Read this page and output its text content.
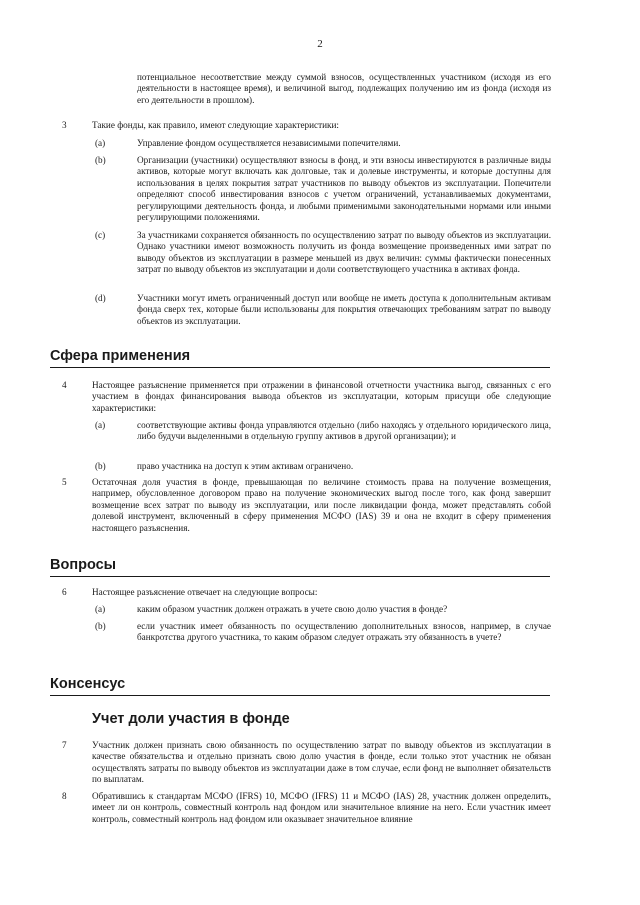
2

потенциальное несоответствие между суммой взносов, осуществленных участником (исходя из его деятельности в настоящее время), и величиной выгод, подлежащих получению им из фонда (исходя из его деятельности в прошлом).

3	Такие фонды, как правило, имеют следующие характеристики:

(a)	Управление фондом осуществляется независимыми попечителями.

(b)	Организации (участники) осуществляют взносы в фонд, и эти взносы инвестируются в различные виды активов, которые могут включать как долговые, так и долевые инструменты, и которые доступны для использования в целях покрытия затрат участников по выводу объектов из эксплуатации. Попечители определяют способ инвестирования взносов с учетом ограничений, устанавливаемых документами, регулирующими деятельность фонда, и любыми применимыми законодательными нормами или иными регулирующими положениями.

(c)	За участниками сохраняется обязанность по осуществлению затрат по выводу объектов из эксплуатации. Однако участники имеют возможность получить из фонда возмещение произведенных ими затрат по выводу объектов из эксплуатации в размере меньшей из двух величин: суммы фактически понесенных затрат по выводу объектов из эксплуатации и доли соответствующего участника в активах фонда.

(d)	Участники могут иметь ограниченный доступ или вообще не иметь доступа к дополнительным активам фонда сверх тех, которые были использованы для покрытия отвечающих требованиям затрат по выводу объектов из эксплуатации.

Сфера применения
4	Настоящее разъяснение применяется при отражении в финансовой отчетности участника выгод, связанных с его участием в фондах финансирования вывода объектов из эксплуатации, которым присущи обе следующие характеристики:

(a)	соответствующие активы фонда управляются отдельно (либо находясь у отдельного юридического лица, либо будучи выделенными в отдельную группу активов в другой организации); и

(b)	право участника на доступ к этим активам ограничено.

5	Остаточная доля участия в фонде, превышающая по величине стоимость права на получение возмещения, например, обусловленное договором право на получение экономических выгод после того, как фонд завершит возмещение всех затрат по выводу из эксплуатации, или после ликвидации фонда, может представлять собой долевой инструмент, включенный в сферу применения МСФО (IAS) 39 и она не входит в сферу применения настоящего разъяснения.

Вопросы
6	Настоящее разъяснение отвечает на следующие вопросы:

(a)	каким образом участник должен отражать в учете свою долю участия в фонде?

(b)	если участник имеет обязанность по осуществлению дополнительных взносов, например, в случае банкротства другого участника, то каким образом следует отражать эту обязанность в учете?

Консенсус
Учет доли участия в фонде
7	Участник должен признать свою обязанность по осуществлению затрат по выводу объектов из эксплуатации в качестве обязательства и отдельно признать свою долю участия в фонде, если только этот участник не обязан осуществлять затраты по выводу объектов из эксплуатации даже в том случае, если фонд не выполняет обязательств по выплатам.

8	Обратившись к стандартам МСФО (IFRS) 10, МСФО (IFRS) 11 и МСФО (IAS) 28, участник должен определить, имеет ли он контроль, совместный контроль над фондом или значительное влияние на него. Если участник имеет контроль, совместный контроль над фондом или оказывает значительное влияние
